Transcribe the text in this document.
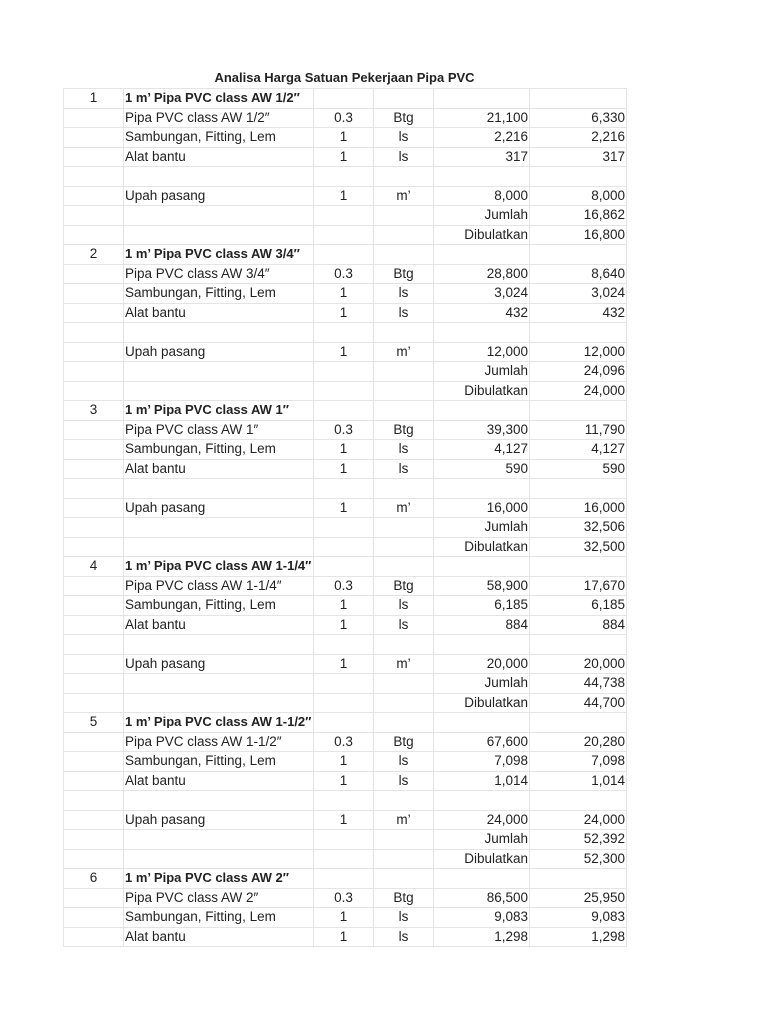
Analisa Harga Satuan Pekerjaan Pipa PVC
1	1 m’ Pipa PVC class AW 1/2″				

	Pipa PVC class AW 1/2″	0.3	Btg	21,100	6,330
	Sambungan, Fitting, Lem	1	ls	2,216	2,216
	Alat bantu	1	ls	317	317

	Upah pasang	1	m’	8,000	8,000
				Jumlah	16,862
				Dibulatkan	16,800
2	1 m’ Pipa PVC class AW 3/4″				

	Pipa PVC class AW 3/4″	0.3	Btg	28,800	8,640
	Sambungan, Fitting, Lem	1	ls	3,024	3,024
	Alat bantu	1	ls	432	432

	Upah pasang	1	m’	12,000	12,000
				Jumlah	24,096
				Dibulatkan	24,000
3	1 m’ Pipa PVC class AW 1″				

	Pipa PVC class AW 1″	0.3	Btg	39,300	11,790
	Sambungan, Fitting, Lem	1	ls	4,127	4,127
	Alat bantu	1	ls	590	590

	Upah pasang	1	m’	16,000	16,000
				Jumlah	32,506
				Dibulatkan	32,500
4	1 m’ Pipa PVC class AW 1-1/4″				

	Pipa PVC class AW 1-1/4″	0.3	Btg	58,900	17,670
	Sambungan, Fitting, Lem	1	ls	6,185	6,185
	Alat bantu	1	ls	884	884

	Upah pasang	1	m’	20,000	20,000
				Jumlah	44,738
				Dibulatkan	44,700
5	1 m’ Pipa PVC class AW 1-1/2″				

	Pipa PVC class AW 1-1/2″	0.3	Btg	67,600	20,280
	Sambungan, Fitting, Lem	1	ls	7,098	7,098
	Alat bantu	1	ls	1,014	1,014

	Upah pasang	1	m’	24,000	24,000
				Jumlah	52,392
				Dibulatkan	52,300
6	1 m’ Pipa PVC class AW 2″				

	Pipa PVC class AW 2″	0.3	Btg	86,500	25,950
	Sambungan, Fitting, Lem	1	ls	9,083	9,083
	Alat bantu	1	ls	1,298	1,298
